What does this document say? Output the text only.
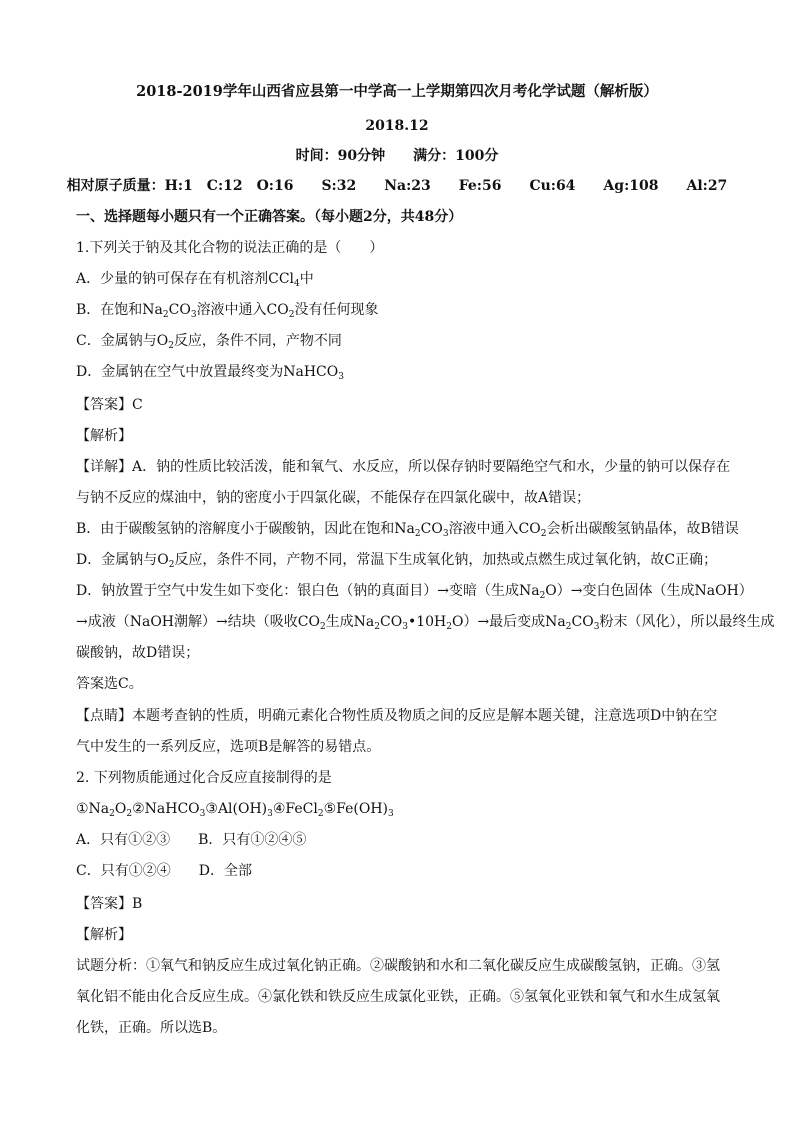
2018-2019学年山西省应县第一中学高一上学期第四次月考化学试题（解析版）
2018.12
时间：90分钟　　满分：100分
相对原子质量：H:1　C:12　O:16　　S:32　　Na:23　　Fe:56　　Cu:64　　Ag:108　　Al:27
一、选择题每小题只有一个正确答案。（每小题2分，共48分）
1.下列关于钠及其化合物的说法正确的是（　　）
A．少量的钠可保存在有机溶剂CCl$_4$中
B．在饱和$Na_2CO_3$溶液中通入$CO_2$没有任何现象
C．金属钠与$O_2$反应，条件不同，产物不同
D．金属钠在空气中放置最终变为NaHCO$_3$
【答案】C
【解析】
【详解】A．钠的性质比较活泼，能和氧气、水反应，所以保存钠时要隔绝空气和水，少量的钠可以保存在
与钠不反应的煤油中，钠的密度小于四氯化碳，不能保存在四氯化碳中，故A错误；
B．由于碳酸氢钠的溶解度小于碳酸钠，因此在饱和$Na_2CO_3$溶液中通入$CO_2$会析出碳酸氢钠晶体，故B错误
D．金属钠与$O_2$反应，条件不同，产物不同，常温下生成氧化钠，加热或点燃生成过氧化钠，故C正确；
D．钠放置于空气中发生如下变化：银白色（钠的真面目）→变暗（生成$Na_2O)\to$变白色固体（生成NaOH）
→成液（NaOH潮解）→结块（吸收$CO_2$生成$Na_2CO_3•10H_2O)\to$最后变成$Na_2CO_3$粉末（风化），所以最终生成
碳酸钠，故D错误；
答案选C。
【点睛】本题考查钠的性质，明确元素化合物性质及物质之间的反应是解本题关键，注意选项D中钠在空
气中发生的一系列反应，选项B是解答的易错点。
2. 下列物质能通过化合反应直接制得的是
$①Na_2O_2②NaHCO_3③Al(OH)_3④FeCl_2⑤Fe(OH)_3$
A．只有①②③ B．只有①②④⑤
C．只有①②④ D．全部
【答案】B
【解析】
试题分析：①氧气和钠反应生成过氧化钠正确。②碳酸钠和水和二氧化碳反应生成碳酸氢钠，正确。③氢
氧化铝不能由化合反应生成。④氯化铁和铁反应生成氯化亚铁，正确。⑤氢氧化亚铁和氧气和水生成氢氧
化铁，正确。所以选B。
